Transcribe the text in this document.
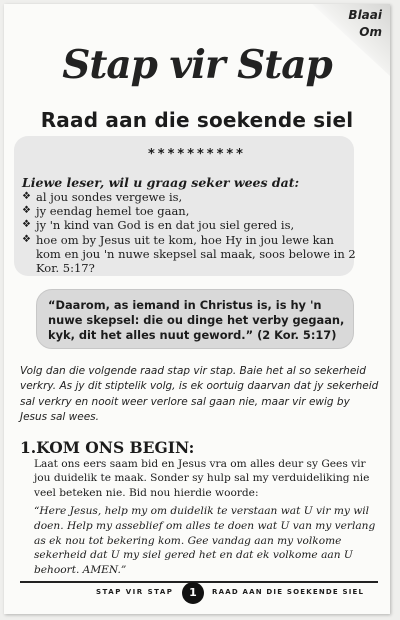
Blaai
Om
Stap vir Stap
Raad aan die soekende siel
**********
Liewe leser, wil u graag seker wees dat:
❖ al jou sondes vergewe is,
❖ jy eendag hemel toe gaan,
❖ jy 'n kind van God is en dat jou siel gered is,
❖ hoe om by Jesus uit te kom, hoe Hy in jou lewe kan kom en jou 'n nuwe skepsel sal maak, soos belowe in 2 Kor. 5:17?
“Daarom, as iemand in Christus is, is hy 'n nuwe skepsel: die ou dinge het verby gegaan, kyk, dit het alles nuut geword.” (2 Kor. 5:17)
Volg dan die volgende raad stap vir stap. Baie het al so sekerheid verkry. As jy dit stiptelik volg, is ek oortuig daarvan dat jy sekerheid sal verkry en nooit weer verlore sal gaan nie, maar vir ewig by Jesus sal wees.
1.KOM ONS BEGIN:
Laat ons eers saam bid en Jesus vra om alles deur sy Gees vir jou duidelik te maak. Sonder sy hulp sal my verduideliking nie veel beteken nie. Bid nou hierdie woorde:
“Here Jesus, help my om duidelik te verstaan wat U vir my wil doen. Help my asseblief om alles te doen wat U van my verlang as ek nou tot bekering kom. Gee vandag aan my volkome sekerheid dat U my siel gered het en dat ek volkome aan U behoort. AMEN.”
STAP VIR STAP	1	RAAD AAN DIE SOEKENDE SIEL
